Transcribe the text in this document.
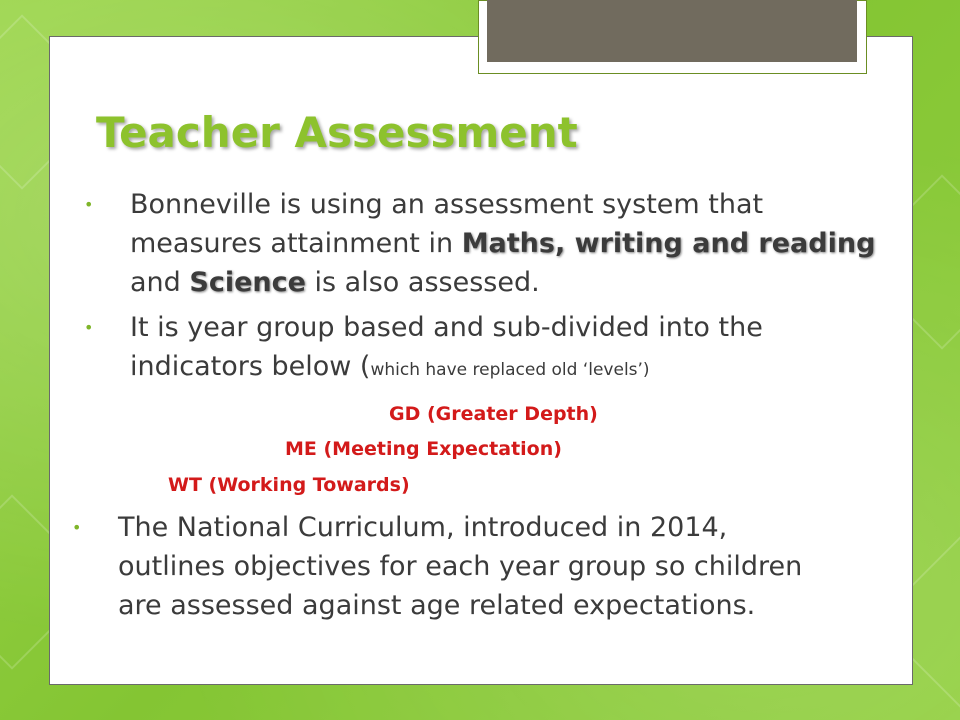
Teacher Assessment
• Bonneville is using an assessment system that measures attainment in Maths, writing and reading and Science is also assessed.
• It is year group based and sub-divided into the indicators below (which have replaced old ‘levels’)
GD (Greater Depth)
ME (Meeting Expectation)
WT (Working Towards)
• The National Curriculum, introduced in 2014, outlines objectives for each year group so children are assessed against age related expectations.
